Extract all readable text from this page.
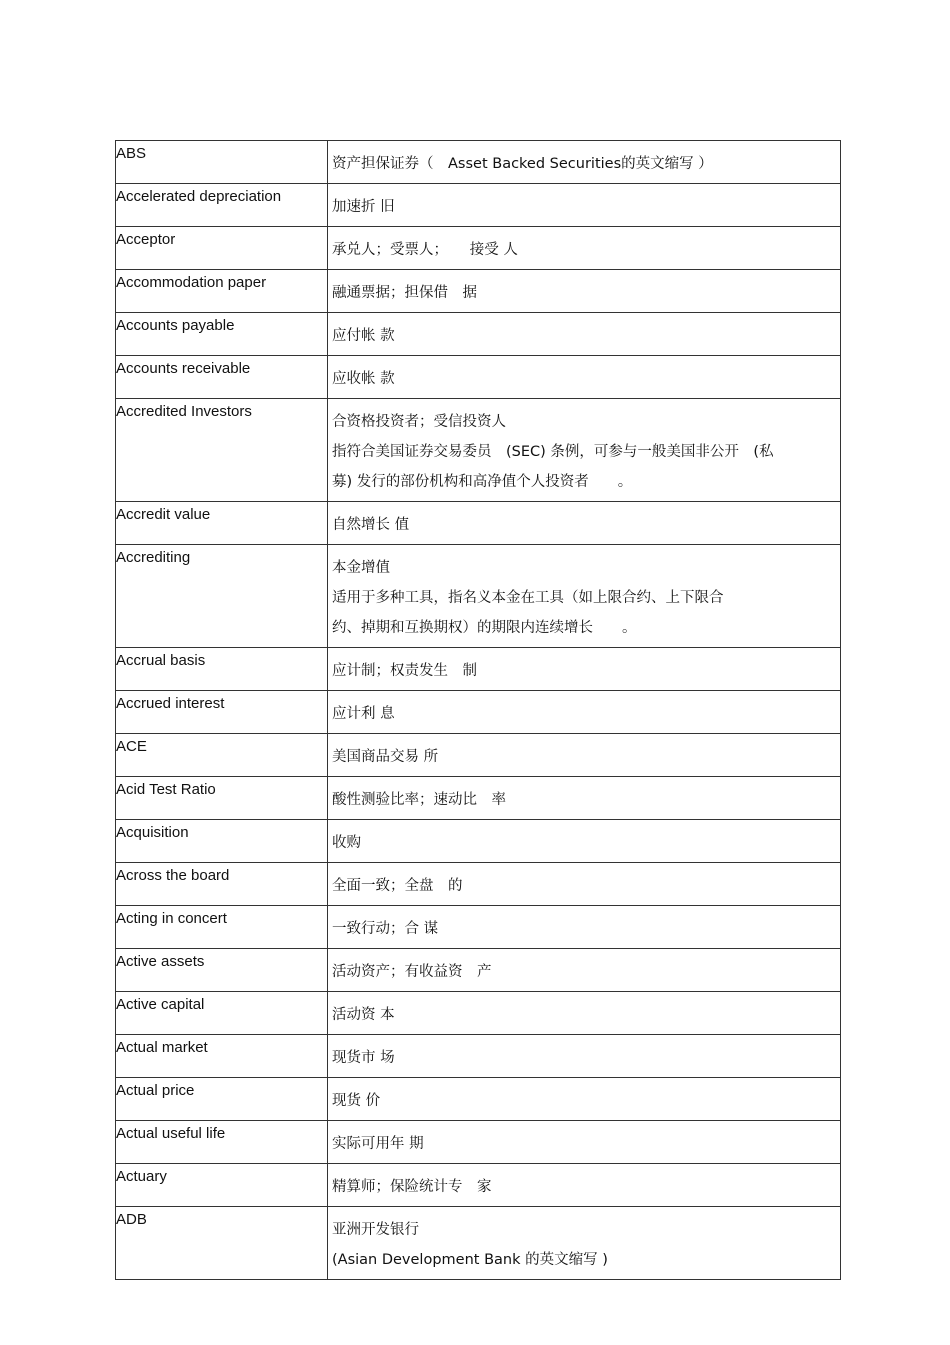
ABS	资产担保证券（　Asset Backed Securities的英文缩写 ）

Accelerated depreciation	加速折 旧

Acceptor	承兑人；受票人；　　接受 人

Accommodation paper	融通票据；担保借　据

Accounts payable	应付帐 款

Accounts receivable	应收帐 款

Accredited Investors	合资格投资者；受信投资人
指符合美国证券交易委员　(SEC) 条例，可参与一般美国非公开　(私
募) 发行的部份机构和高净值个人投资者　　。

Accredit value	自然增长 值

Accrediting	本金增值
适用于多种工具，指名义本金在工具（如上限合约、上下限合
约、掉期和互换期权）的期限内连续增长　　。

Accrual basis	应计制；权责发生　制

Accrued interest	应计利 息

ACE	美国商品交易 所

Acid Test Ratio	酸性测验比率；速动比　率

Acquisition	收购

Across the board	全面一致；全盘　的

Acting in concert	一致行动；合 谋

Active assets	活动资产；有收益资　产

Active capital	活动资 本

Actual market	现货市 场

Actual price	现货 价

Actual useful life	实际可用年 期

Actuary	精算师；保险统计专　家

ADB	亚洲开发银行
(Asian Development Bank 的英文缩写 )
